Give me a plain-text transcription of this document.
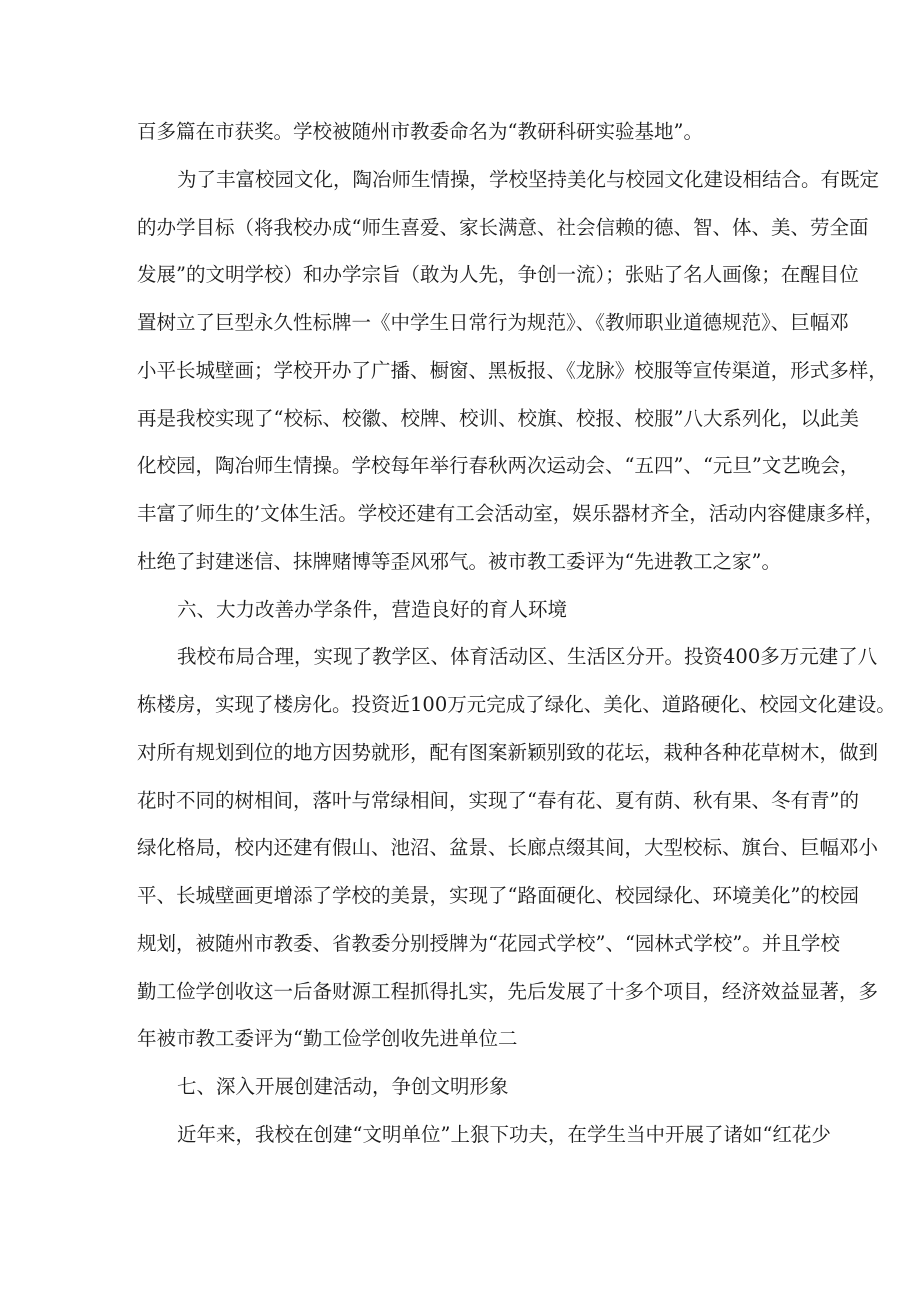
百多篇在市获奖。学校被随州市教委命名为“教研科研实验基地”。
为了丰富校园文化，陶冶师生情操，学校坚持美化与校园文化建设相结合。有既定
的办学目标（将我校办成“师生喜爱、家长满意、社会信赖的德、智、体、美、劳全面
发展”的文明学校）和办学宗旨（敢为人先，争创一流）；张贴了名人画像；在醒目位
置树立了巨型永久性标牌一《中学生日常行为规范》、《教师职业道德规范》、巨幅邓
小平长城壁画；学校开办了广播、橱窗、黑板报、《龙脉》校服等宣传渠道，形式多样，
再是我校实现了“校标、校徽、校牌、校训、校旗、校报、校服”八大系列化，以此美
化校园，陶冶师生情操。学校每年举行春秋两次运动会、“五四”、“元旦”文艺晚会，
丰富了师生的’文体生活。学校还建有工会活动室，娱乐器材齐全，活动内容健康多样，
杜绝了封建迷信、抹牌赌博等歪风邪气。被市教工委评为“先进教工之家”。
六、大力改善办学条件，营造良好的育人环境
我校布局合理，实现了教学区、体育活动区、生活区分开。投资400多万元建了八
栋楼房，实现了楼房化。投资近100万元完成了绿化、美化、道路硬化、校园文化建设。
对所有规划到位的地方因势就形，配有图案新颖别致的花坛，栽种各种花草树木，做到
花时不同的树相间，落叶与常绿相间，实现了“春有花、夏有荫、秋有果、冬有青”的
绿化格局，校内还建有假山、池沼、盆景、长廊点缀其间，大型校标、旗台、巨幅邓小
平、长城壁画更增添了学校的美景，实现了“路面硬化、校园绿化、环境美化”的校园
规划，被随州市教委、省教委分别授牌为“花园式学校”、“园林式学校”。并且学校
勤工俭学创收这一后备财源工程抓得扎实，先后发展了十多个项目，经济效益显著，多
年被市教工委评为“勤工俭学创收先进单位二
七、深入开展创建活动，争创文明形象
近年来，我校在创建“文明单位”上狠下功夫，在学生当中开展了诸如“红花少
